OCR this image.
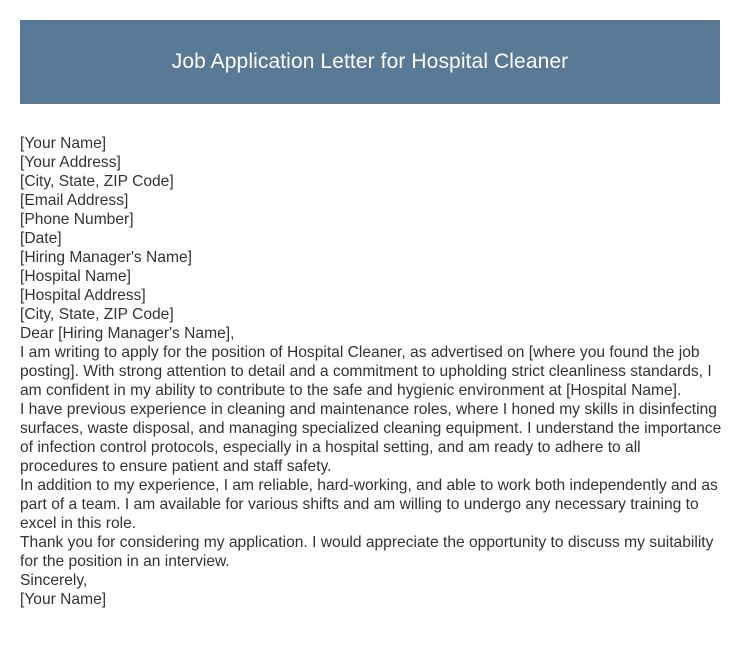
Job Application Letter for Hospital Cleaner

[Your Name]

[Your Address]

[City, State, ZIP Code]

[Email Address]

[Phone Number]

[Date]

[Hiring Manager's Name]

[Hospital Name]

[Hospital Address]

[City, State, ZIP Code]

Dear [Hiring Manager's Name],

I am writing to apply for the position of Hospital Cleaner, as advertised on [where you found the job posting]. With strong attention to detail and a commitment to upholding strict cleanliness standards, I am confident in my ability to contribute to the safe and hygienic environment at [Hospital Name].

I have previous experience in cleaning and maintenance roles, where I honed my skills in disinfecting surfaces, waste disposal, and managing specialized cleaning equipment. I understand the importance of infection control protocols, especially in a hospital setting, and am ready to adhere to all procedures to ensure patient and staff safety.

In addition to my experience, I am reliable, hard-working, and able to work both independently and as part of a team. I am available for various shifts and am willing to undergo any necessary training to excel in this role.

Thank you for considering my application. I would appreciate the opportunity to discuss my suitability for the position in an interview.

Sincerely,

[Your Name]
